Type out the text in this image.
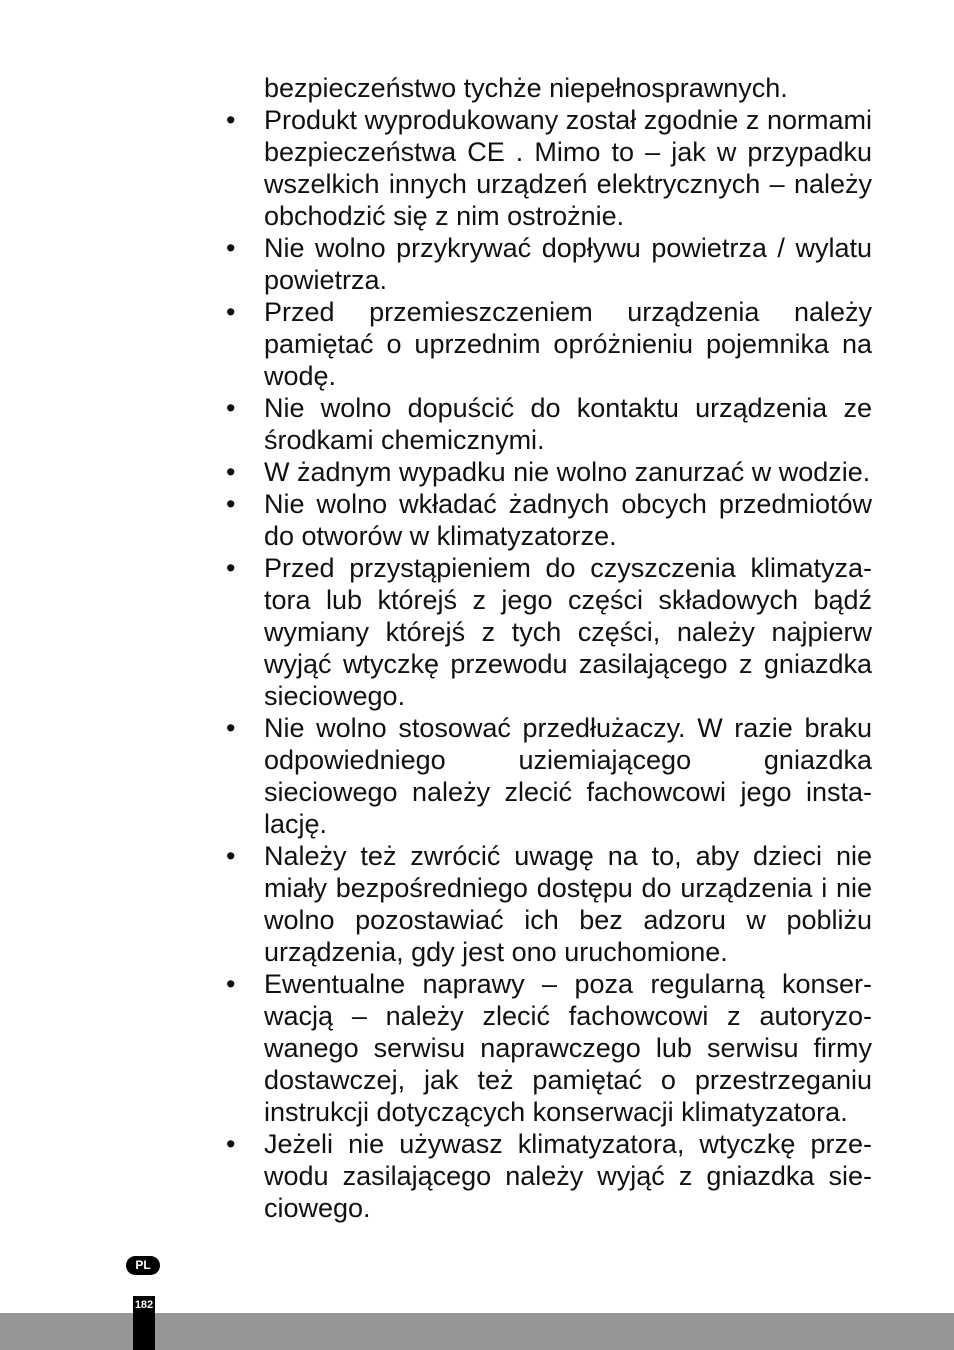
bezpieczeństwo tychże niepełnosprawnych.
• Produkt wyprodukowany został zgodnie z normami bezpieczeństwa CE . Mimo to – jak w przypadku wszelkich innych urządzeń elektrycznych – należy obchodzić się z nim ostrożnie.
• Nie wolno przykrywać dopływu powietrza / wylatu powietrza.
• Przed przemieszczeniem urządzenia należy pamiętać o uprzednim opróżnieniu pojemnika na wodę.
• Nie wolno dopuścić do kontaktu urządzenia ze środkami chemicznymi.
• W żadnym wypadku nie wolno zanurzać w wodzie.
• Nie wolno wkładać żadnych obcych przedmiotów do otworów w klimatyzatorze.
• Przed przystąpieniem do czyszczenia klimatyzatora lub którejś z jego części składowych bądź wymiany którejś z tych części, należy najpierw wyjąć wtyczkę przewodu zasilającego z gniazdka sieciowego.
• Nie wolno stosować przedłużaczy. W razie braku odpowiedniego uziemiającego gniazdka sieciowego należy zlecić fachowcowi jego instalację.
• Należy też zwrócić uwagę na to, aby dzieci nie miały bezpośredniego dostępu do urządzenia i nie wolno pozostawiać ich bez adzoru w pobliżu urządzenia, gdy jest ono uruchomione.
• Ewentualne naprawy – poza regularną konserwacją – należy zlecić fachowcowi z autoryzowanego serwisu naprawczego lub serwisu firmy dostawczej, jak też pamiętać o przestrzeganiu instrukcji dotyczących konserwacji klimatyzatora.
• Jeżeli nie używasz klimatyzatora, wtyczkę przewodu zasilającego należy wyjąć z gniazdka sieciowego.
PL
182
